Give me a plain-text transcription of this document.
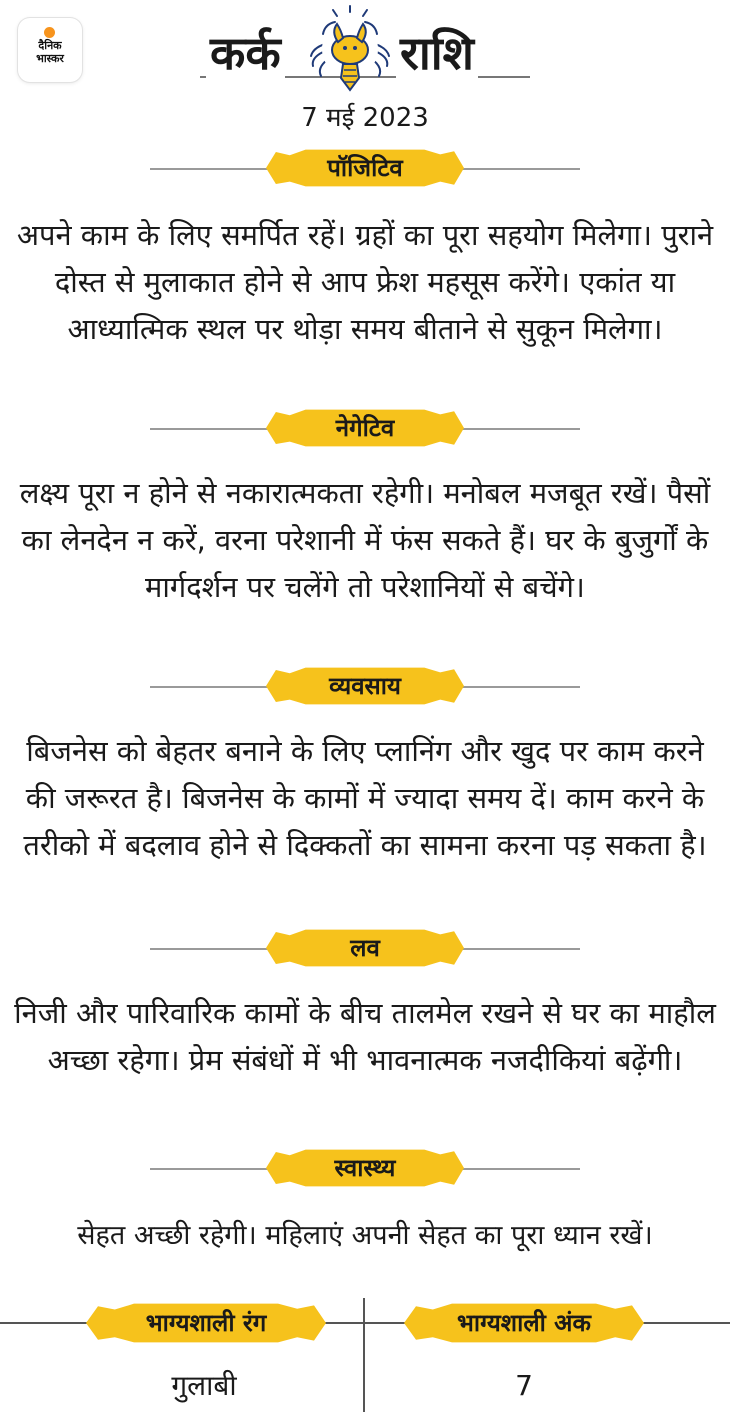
दैनिक
भास्कर	कर्क	राशि
7 मई 2023
पॉजिटिव
अपने काम के लिए समर्पित रहें। ग्रहों का पूरा सहयोग मिलेगा। पुराने दोस्त से मुलाकात होने से आप फ्रेश महसूस करेंगे। एकांत या आध्यात्मिक स्थल पर थोड़ा समय बीताने से सुकून मिलेगा।
नेगेटिव
लक्ष्य पूरा न होने से नकारात्मकता रहेगी। मनोबल मजबूत रखें। पैसों का लेनदेन न करें, वरना परेशानी में फंस सकते हैं। घर के बुजुर्गों के मार्गदर्शन पर चलेंगे तो परेशानियों से बचेंगे।
व्यवसाय
बिजनेस को बेहतर बनाने के लिए प्लानिंग और खुद पर काम करने की जरूरत है। बिजनेस के कामों में ज्यादा समय दें। काम करने के तरीको में बदलाव होने से दिक्कतों का सामना करना पड़ सकता है।
लव
निजी और पारिवारिक कामों के बीच तालमेल रखने से घर का माहौल अच्छा रहेगा। प्रेम संबंधों में भी भावनात्मक नजदीकियां बढ़ेंगी।
स्वास्थ्य
सेहत अच्छी रहेगी। महिलाएं अपनी सेहत का पूरा ध्यान रखें।
भाग्यशाली रंग
गुलाबी
भाग्यशाली अंक
7
